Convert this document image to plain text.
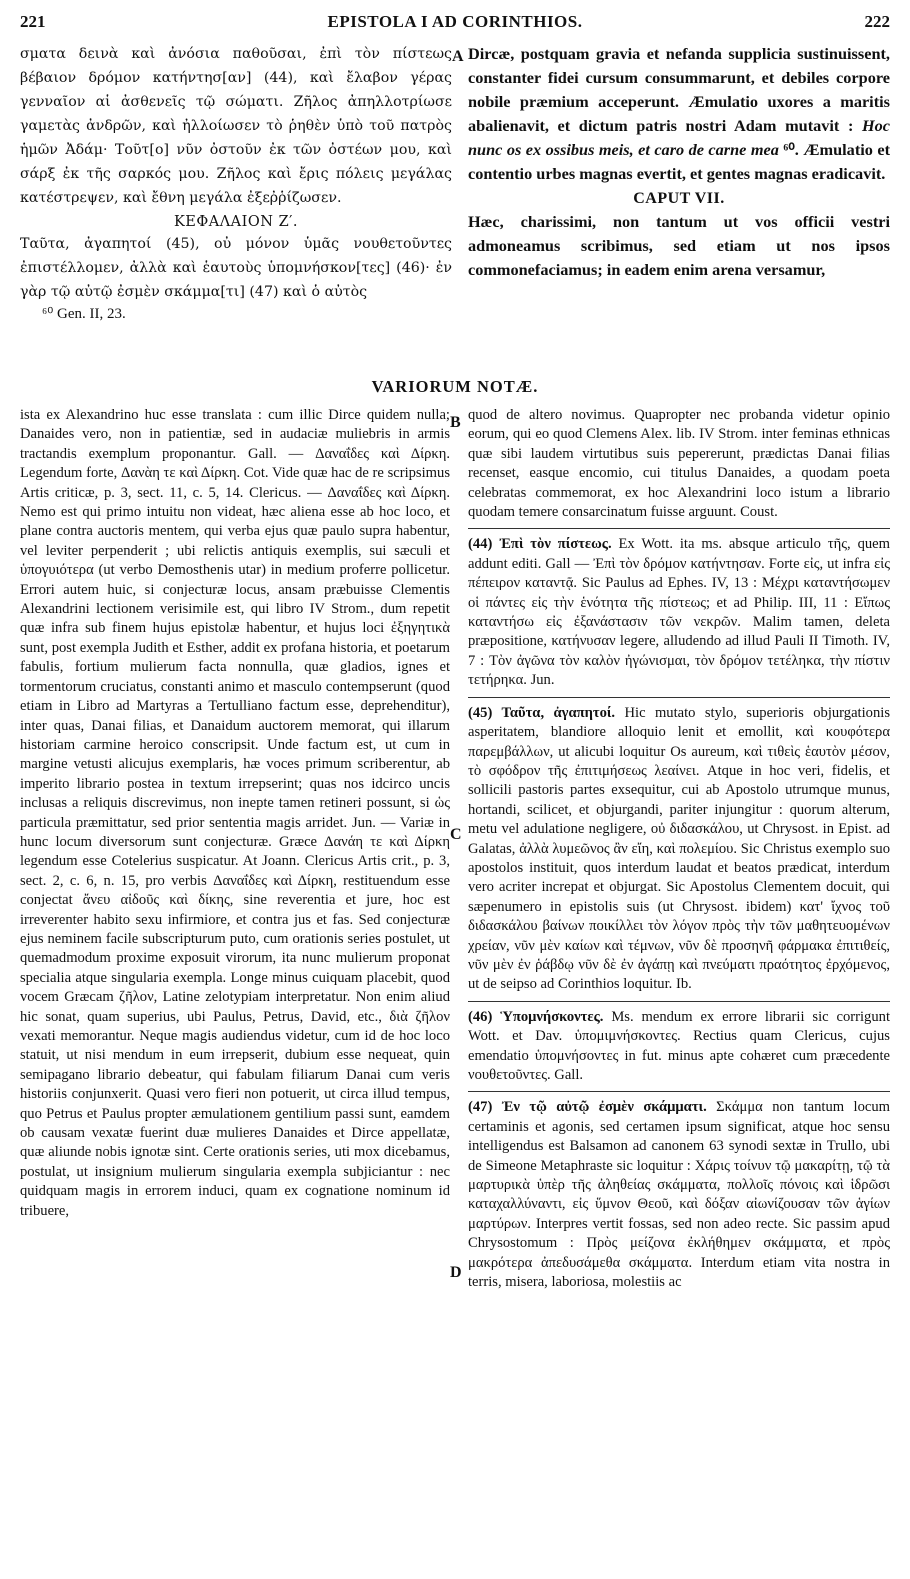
221	EPISTOLA I AD CORINTHIOS.	222

σματα δεινὰ καὶ ἀνόσια παθοῦσαι, ἐπὶ τὸν πίστεως βέβαιον δρόμον κατήντησ[αν] (44), καὶ ἔλαβον γέρας γενναῖον αἱ ἀσθενεῖς τῷ σώματι. Ζῆλος ἀπηλλοτρίωσε γαμετὰς ἀνδρῶν, καὶ ἠλλοίωσεν τὸ ῥηθὲν ὑπὸ τοῦ πατρὸς ἡμῶν Ἀδάμ· Τοῦτ[ο] νῦν ὀστοῦν ἐκ τῶν ὀστέων μου, καὶ σάρξ ἐκ τῆς σαρκός μου. Ζῆλος καὶ ἔρις πόλεις μεγάλας κατέστρεψεν, καὶ ἔθνη μεγάλα ἐξεῤῥίζωσεν.

ΚΕΦΑΛΑΙΟΝ Ζ′.

Ταῦτα, ἀγαπητοί (45), οὐ μόνον ὑμᾶς νουθετοῦντες ἐπιστέλλομεν, ἀλλὰ καὶ ἑαυτοὺς ὑπομνήσκον[τες] (46)· ἐν γὰρ τῷ αὐτῷ ἐσμὲν σκάμμα[τι] (47) καὶ ὁ αὐτὸς

⁶⁰ Gen. II, 23.

A Dircæ, postquam gravia et nefanda supplicia sustinuissent, constanter fidei cursum consummarunt, et debiles corpore nobile præmium acceperunt. Æmulatio uxores a maritis abalienavit, et dictum patris nostri Adam mutavit : Hoc nunc os ex ossibus meis, et caro de carne mea ⁶⁰. Æmulatio et contentio urbes magnas evertit, et gentes magnas eradicavit.

CAPUT VII.

Hæc, charissimi, non tantum ut vos officii vestri admoneamus scribimus, sed etiam ut nos ipsos commonefaciamus; in eadem enim arena versamur,

VARIORUM NOTÆ.

ista ex Alexandrino huc esse translata : cum illic Dirce quidem nulla; Danaides vero, non in patientiæ, sed in audaciæ muliebris in armis tractandis exemplum proponantur. Gall. — Δαναΐδες καὶ Δίρκη. Legendum forte, Δανὰη τε καὶ Δίρκη. Cot. Vide quæ hac de re scripsimus Artis criticæ, p. 3, sect. 11, c. 5, 14. Clericus. — Δαναΐδες καὶ Δίρκη. Nemo est qui primo intuitu non videat, hæc aliena esse ab hoc loco, et plane contra auctoris mentem, qui verba ejus quæ paulo supra habentur, vel leviter perpenderit ; ubi relictis antiquis exemplis, sui sæculi et ὑπογυιότερα (ut verbo Demosthenis utar) in medium proferre pollicetur. Errori autem huic, si conjecturæ locus, ansam præbuisse Clementis Alexandrini lectionem verisimile est, qui libro IV Strom., dum repetit quæ infra sub finem hujus epistolæ habentur, et hujus loci ἐξηγητικὰ sunt, post exempla Judith et Esther, addit ex profana historia, et poetarum fabulis, fortium mulierum facta nonnulla, quæ gladios, ignes et tormentorum cruciatus, constanti animo et masculo contempserunt (quod etiam in Libro ad Martyras a Tertulliano factum esse, deprehenditur), inter quas, Danai filias, et Danaidum auctorem memorat, qui illarum historiam carmine heroico conscripsit. Unde factum est, ut cum in margine vetusti alicujus exemplaris, hæ voces primum scriberentur, ab imperito librario postea in textum irrepserint; quas nos idcirco uncis inclusas a reliquis discrevimus, non inepte tamen retineri possunt, si ὡς particula præmittatur, sed prior sententia magis arridet. Jun. — Variæ in hunc locum diversorum sunt conjecturæ. Græce Δανάη τε καὶ Δίρκη legendum esse Cotelerius suspicatur. At Joann. Clericus Artis crit., p. 3, sect. 2, c. 6, n. 15, pro verbis Δαναΐδες καὶ Δίρκη, restituendum esse conjectat ἄνευ αἰδοῦς καὶ δίκης, sine reverentia et jure, hoc est irreverenter habito sexu infirmiore, et contra jus et fas. Sed conjecturæ ejus neminem facile subscripturum puto, cum orationis series postulet, ut quemadmodum proxime exposuit virorum, ita nunc mulierum proponat specialia atque singularia exempla. Longe minus cuiquam placebit, quod vocem Græcam ζῆλον, Latine zelotypiam interpretatur. Non enim aliud hic sonat, quam superius, ubi Paulus, Petrus, David, etc., διὰ ζῆλον vexati memorantur. Neque magis audiendus videtur, cum id de hoc loco statuit, ut nisi mendum in eum irrepserit, dubium esse nequeat, quin semipagano librario debeatur, qui fabulam filiarum Danai cum veris historiis conjunxerit. Quasi vero fieri non potuerit, ut circa illud tempus, quo Petrus et Paulus propter æmulationem gentilium passi sunt, eamdem ob causam vexatæ fuerint duæ mulieres Danaides et Dirce appellatæ, quæ aliunde nobis ignotæ sint. Certe orationis series, uti mox dicebamus, postulat, ut insignium mulierum singularia exempla subjiciantur : nec quidquam magis in errorem induci, quam ex cognatione nominum id tribuere,

B
C
D

quod de altero novimus. Quapropter nec probanda videtur opinio eorum, qui eo quod Clemens Alex. lib. IV Strom. inter feminas ethnicas quæ sibi laudem virtutibus suis pepererunt, prædictas Danai filias recenset, easque encomio, cui titulus Danaides, a quodam poeta celebratas commemorat, ex hoc Alexandrini loco istum a librario quodam temere consarcinatum fuisse arguunt. Coust.

(44) Ἐπὶ τὸν πίστεως. Ex Wott. ita ms. absque articulo τῆς, quem addunt editi. Gall — Ἐπὶ τὸν δρόμον κατήντησαν. Forte εἰς, ut infra εἰς πέπειρον καταντᾷ. Sic Paulus ad Ephes. IV, 13 : Μέχρι καταντήσωμεν οἱ πάντες εἰς τὴν ἑνότητα τῆς πίστεως; et ad Philip. III, 11 : Εἴπως καταντήσω εἰς ἐξανάστασιν τῶν νεκρῶν. Malim tamen, deleta præpositione, κατήνυσαν legere, alludendo ad illud Pauli II Timoth. IV, 7 : Τὸν ἀγῶνα τὸν καλὸν ἠγώνισμαι, τὸν δρόμον τετέληκα, τὴν πίστιν τετήρηκα. Jun.

(45) Ταῦτα, ἀγαπητοί. Hic mutato stylo, superioris objurgationis asperitatem, blandiore alloquio lenit et emollit, καὶ κουφότερα παρεμβάλλων, ut alicubi loquitur Os aureum, καὶ τιθεὶς ἑαυτὸν μέσον, τὸ σφόδρον τῆς ἐπιτιμήσεως λεαίνει. Atque in hoc veri, fidelis, et sollicili pastoris partes exsequitur, cui ab Apostolo utrumque munus, hortandi, scilicet, et objurgandi, pariter injungitur : quorum alterum, metu vel adulatione negligere, οὐ διδασκάλου, ut Chrysost. in Epist. ad Galatas, ἀλλὰ λυμεῶνος ἂν εἴη, καὶ πολεμίου. Sic Christus exemplo suo apostolos instituit, quos interdum laudat et beatos prædicat, interdum vero acriter increpat et objurgat. Sic Apostolus Clementem docuit, qui sæpenumero in epistolis suis (ut Chrysost. ibidem) κατ' ἴχνος τοῦ διδασκάλου βαίνων ποικίλλει τὸν λόγον πρὸς τὴν τῶν μαθητευομένων χρείαν, νῦν μὲν καίων καὶ τέμνων, νῦν δὲ προσηνῆ φάρμακα ἐπιτιθείς, νῦν μὲν ἐν ῥάβδῳ νῦν δὲ ἐν ἀγάπῃ καὶ πνεύματι πραότητος ἐρχόμενος, ut de seipso ad Corinthios loquitur. Ib.

(46) Ὑπομνήσκοντες. Ms. mendum ex errore librarii sic corrigunt Wott. et Dav. ὑπομιμνήσκοντες. Rectius quam Clericus, cujus emendatio ὑπομνήσοντες in fut. minus apte cohæret cum præcedente νουθετοῦντες. Gall.

(47) Ἐν τῷ αὐτῷ ἐσμὲν σκάμματι. Σκάμμα non tantum locum certaminis et agonis, sed certamen ipsum significat, atque hoc sensu intelligendus est Balsamon ad canonem 63 synodi sextæ in Trullo, ubi de Simeone Metaphraste sic loquitur : Χάρις τοίνυν τῷ μακαρίτῃ, τῷ τὰ μαρτυρικὰ ὑπὲρ τῆς ἀληθείας σκάμματα, πολλοῖς πόνοις καὶ ἱδρῶσι καταχαλλύναντι, εἰς ὕμνον Θεοῦ, καὶ δόξαν αἰωνίζουσαν τῶν ἁγίων μαρτύρων. Interpres vertit fossas, sed non adeo recte. Sic passim apud Chrysostomum : Πρὸς μείζονα ἐκλήθημεν σκάμματα, et πρὸς μακρότερα ἀπεδυσάμεθα σκάμματα. Interdum etiam vita nostra in terris, misera, laboriosa, molestiis ac
